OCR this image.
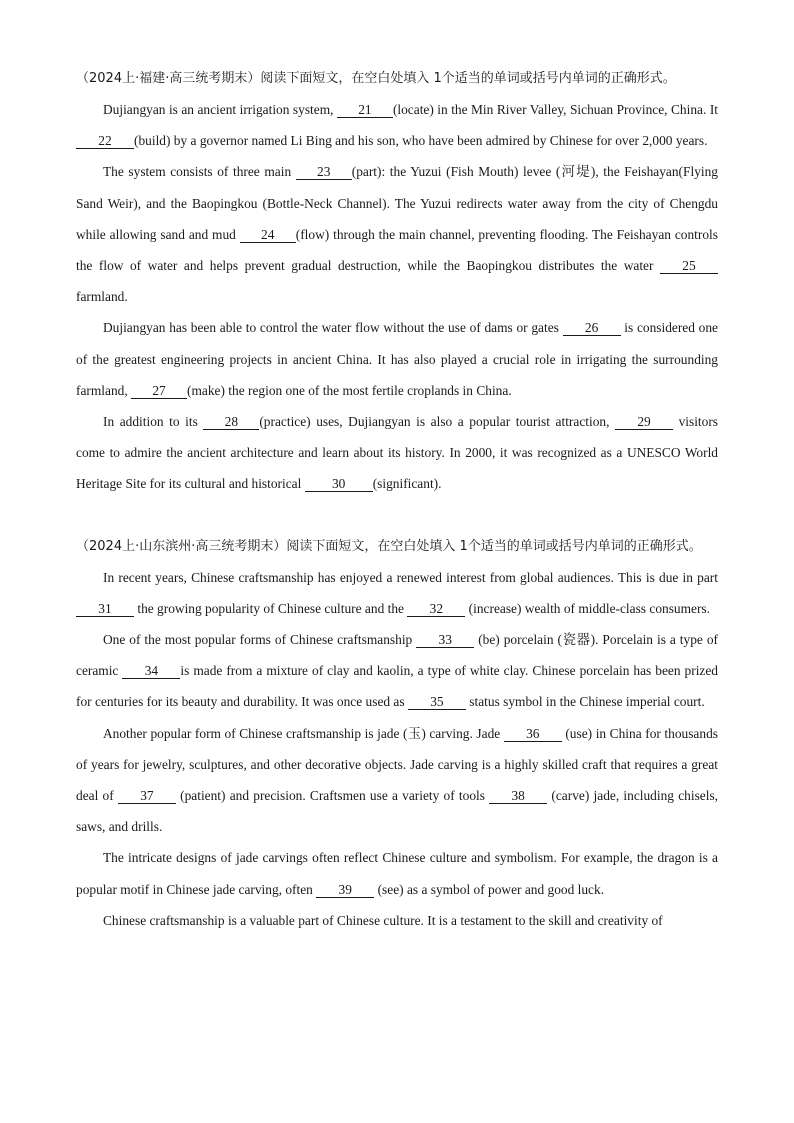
（2024上·福建·高三统考期末）阅读下面短文，在空白处填入 1个适当的单词或括号内单词的正确形式。

Dujiangyan is an ancient irrigation system, 21 (locate) in the Min River Valley, Sichuan Province, China. It 22 (build) by a governor named Li Bing and his son, who have been admired by Chinese for over 2,000 years.

The system consists of three main 23 (part): the Yuzui (Fish Mouth) levee (河堤), the Feishayan(Flying Sand Weir), and the Baopingkou (Bottle-Neck Channel). The Yuzui redirects water away from the city of Chengdu while allowing sand and mud 24 (flow) through the main channel, preventing flooding. The Feishayan controls the flow of water and helps prevent gradual destruction, while the Baopingkou distributes the water 25 farmland.

Dujiangyan has been able to control the water flow without the use of dams or gates 26 is considered one of the greatest engineering projects in ancient China. It has also played a crucial role in irrigating the surrounding farmland, 27 (make) the region one of the most fertile croplands in China.

In addition to its 28 (practice) uses, Dujiangyan is also a popular tourist attraction, 29 visitors come to admire the ancient architecture and learn about its history. In 2000, it was recognized as a UNESCO World Heritage Site for its cultural and historical 30 (significant).

（2024上·山东滨州·高三统考期末）阅读下面短文，在空白处填入 1个适当的单词或括号内单词的正确形式。

In recent years, Chinese craftsmanship has enjoyed a renewed interest from global audiences. This is due in part 31 the growing popularity of Chinese culture and the 32 (increase) wealth of middle-class consumers.

One of the most popular forms of Chinese craftsmanship 33 (be) porcelain (瓷器). Porcelain is a type of ceramic 34 is made from a mixture of clay and kaolin, a type of white clay. Chinese porcelain has been prized for centuries for its beauty and durability. It was once used as 35 status symbol in the Chinese imperial court.

Another popular form of Chinese craftsmanship is jade (玉) carving. Jade 36 (use) in China for thousands of years for jewelry, sculptures, and other decorative objects. Jade carving is a highly skilled craft that requires a great deal of 37 (patient) and precision. Craftsmen use a variety of tools 38 (carve) jade, including chisels, saws, and drills.

The intricate designs of jade carvings often reflect Chinese culture and symbolism. For example, the dragon is a popular motif in Chinese jade carving, often 39 (see) as a symbol of power and good luck.

Chinese craftsmanship is a valuable part of Chinese culture. It is a testament to the skill and creativity of
